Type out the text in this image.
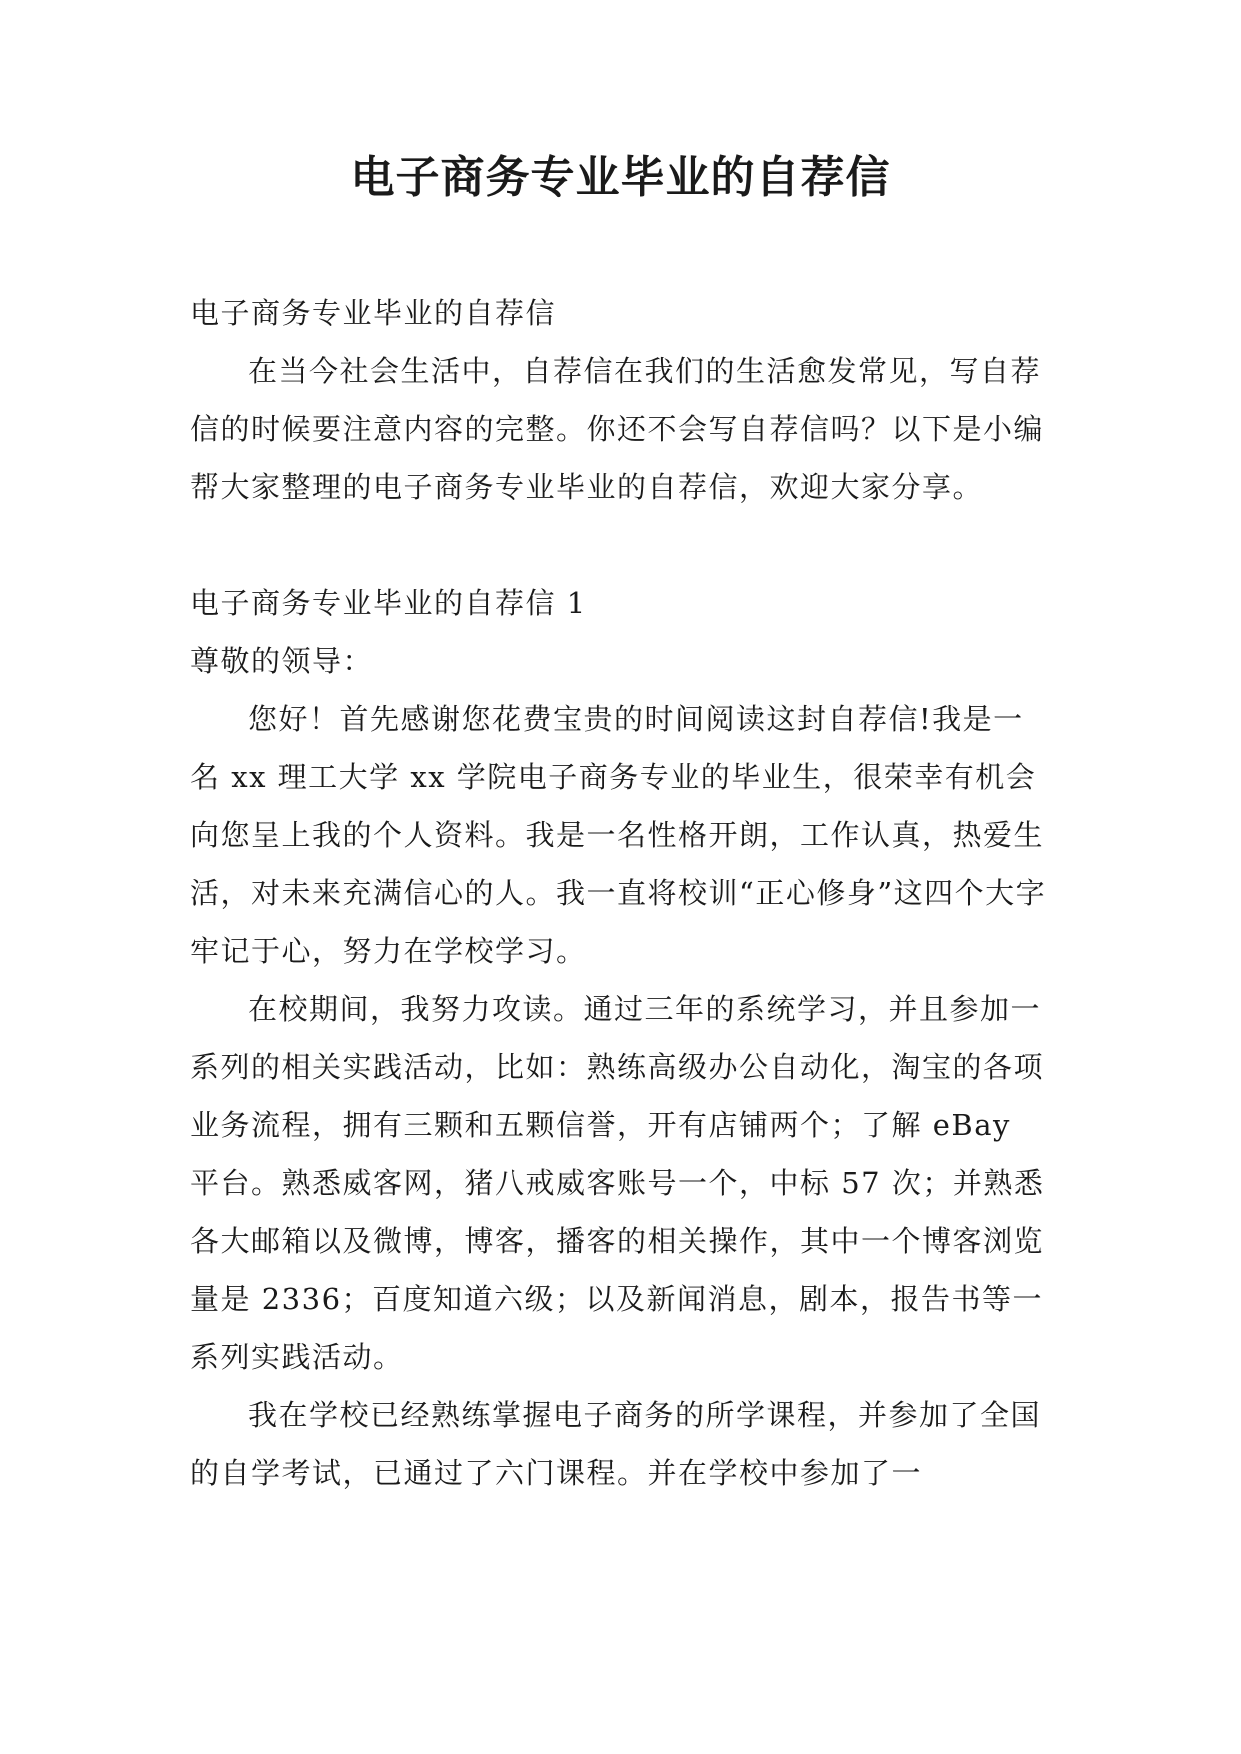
电子商务专业毕业的自荐信

电子商务专业毕业的自荐信

在当今社会生活中，自荐信在我们的生活愈发常见，写自荐信的时候要注意内容的完整。你还不会写自荐信吗？以下是小编帮大家整理的电子商务专业毕业的自荐信，欢迎大家分享。

电子商务专业毕业的自荐信 1

尊敬的领导：

您好！首先感谢您花费宝贵的时间阅读这封自荐信!我是一名 xx 理工大学 xx 学院电子商务专业的毕业生，很荣幸有机会向您呈上我的个人资料。我是一名性格开朗，工作认真，热爱生活，对未来充满信心的人。我一直将校训“正心修身”这四个大字牢记于心，努力在学校学习。

在校期间，我努力攻读。通过三年的系统学习，并且参加一系列的相关实践活动，比如：熟练高级办公自动化，淘宝的各项业务流程，拥有三颗和五颗信誉，开有店铺两个；了解 eBay 平台。熟悉威客网，猪八戒威客账号一个，中标 57 次；并熟悉各大邮箱以及微博，博客，播客的相关操作，其中一个博客浏览量是 2336；百度知道六级；以及新闻消息，剧本，报告书等一系列实践活动。

我在学校已经熟练掌握电子商务的所学课程，并参加了全国的自学考试，已通过了六门课程。并在学校中参加了一
